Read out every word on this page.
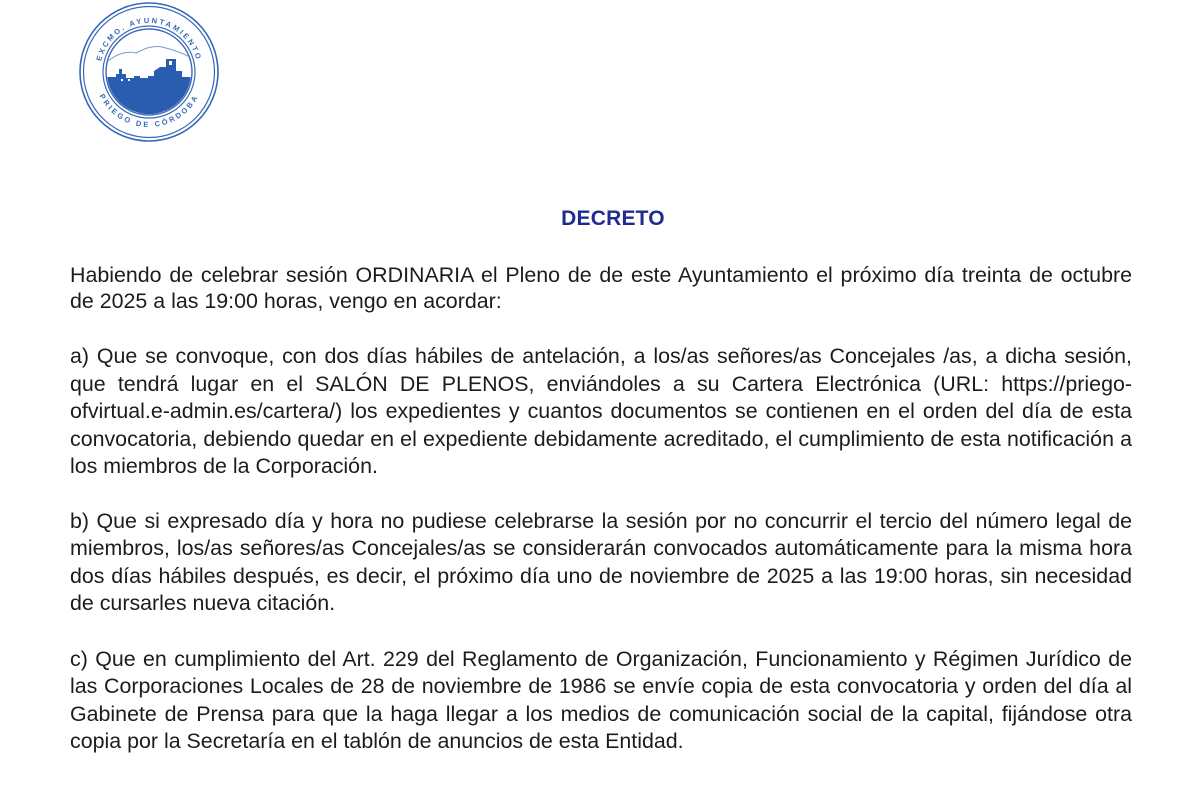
EXCMO. AYUNTAMIENTO
PRIEGO DE CÓRDOBA
DECRETO

Habiendo de celebrar sesión ORDINARIA el Pleno de de este Ayuntamiento el próximo día treinta de octubre de 2025 a las 19:00 horas, vengo en acordar:

a) Que se convoque, con dos días hábiles de antelación, a los/as señores/as Concejales /as, a dicha sesión, que tendrá lugar en el SALÓN DE PLENOS, enviándoles a su Cartera Electrónica (URL: https://priego-ofvirtual.e-admin.es/cartera/) los expedientes y cuantos documentos se contienen en el orden del día de esta convocatoria, debiendo quedar en el expediente debidamente acreditado, el cumplimiento de esta notificación a los miembros de la Corporación.

b) Que si expresado día y hora no pudiese celebrarse la sesión por no concurrir el tercio del número legal de miembros, los/as señores/as Concejales/as se considerarán convocados automáticamente para la misma hora dos días hábiles después, es decir, el próximo día uno de noviembre de 2025 a las 19:00 horas, sin necesidad de cursarles nueva citación.

c) Que en cumplimiento del Art. 229 del Reglamento de Organización, Funcionamiento y Régimen Jurídico de las Corporaciones Locales de 28 de noviembre de 1986 se envíe copia de esta convocatoria y orden del día al Gabinete de Prensa para que la haga llegar a los medios de comunicación social de la capital, fijándose otra copia por la Secretaría en el tablón de anuncios de esta Entidad.
